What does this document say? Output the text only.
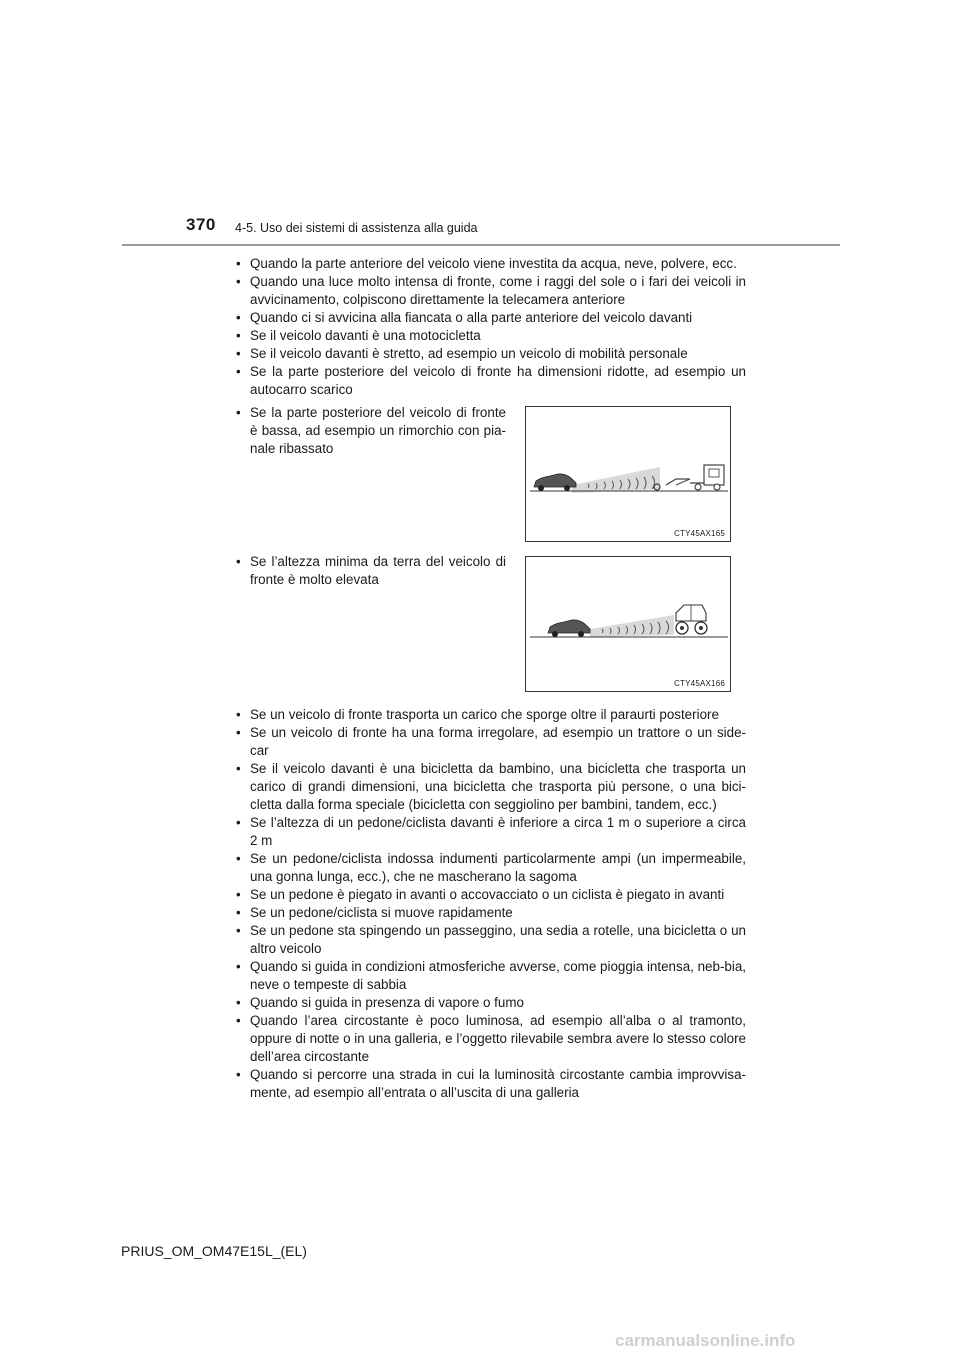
370 4-5. Uso dei sistemi di assistenza alla guida
• Quando la parte anteriore del veicolo viene investita da acqua, neve, polvere, ecc.
• Quando una luce molto intensa di fronte, come i raggi del sole o i fari dei veicoli in avvicinamento, colpiscono direttamente la telecamera anteriore
• Quando ci si avvicina alla fiancata o alla parte anteriore del veicolo davanti
• Se il veicolo davanti è una motocicletta
• Se il veicolo davanti è stretto, ad esempio un veicolo di mobilità personale
• Se la parte posteriore del veicolo di fronte ha dimensioni ridotte, ad esempio un autocarro scarico
• Se la parte posteriore del veicolo di fronte è bassa, ad esempio un rimorchio con pia-nale ribassato
CTY45AX165
• Se l’altezza minima da terra del veicolo di fronte è molto elevata
CTY45AX166
• Se un veicolo di fronte trasporta un carico che sporge oltre il paraurti posteriore
• Se un veicolo di fronte ha una forma irregolare, ad esempio un trattore o un side-car
• Se il veicolo davanti è una bicicletta da bambino, una bicicletta che trasporta un carico di grandi dimensioni, una bicicletta che trasporta più persone, o una bici-cletta dalla forma speciale (bicicletta con seggiolino per bambini, tandem, ecc.)
• Se l’altezza di un pedone/ciclista davanti è inferiore a circa 1 m o superiore a circa 2 m
• Se un pedone/ciclista indossa indumenti particolarmente ampi (un impermeabile, una gonna lunga, ecc.), che ne mascherano la sagoma
• Se un pedone è piegato in avanti o accovacciato o un ciclista è piegato in avanti
• Se un pedone/ciclista si muove rapidamente
• Se un pedone sta spingendo un passeggino, una sedia a rotelle, una bicicletta o un altro veicolo
• Quando si guida in condizioni atmosferiche avverse, come pioggia intensa, neb-bia, neve o tempeste di sabbia
• Quando si guida in presenza di vapore o fumo
• Quando l’area circostante è poco luminosa, ad esempio all’alba o al tramonto, oppure di notte o in una galleria, e l’oggetto rilevabile sembra avere lo stesso colore dell’area circostante
• Quando si percorre una strada in cui la luminosità circostante cambia improvvisa-mente, ad esempio all’entrata o all’uscita di una galleria
PRIUS_OM_OM47E15L_(EL)
carmanualsonline.info
